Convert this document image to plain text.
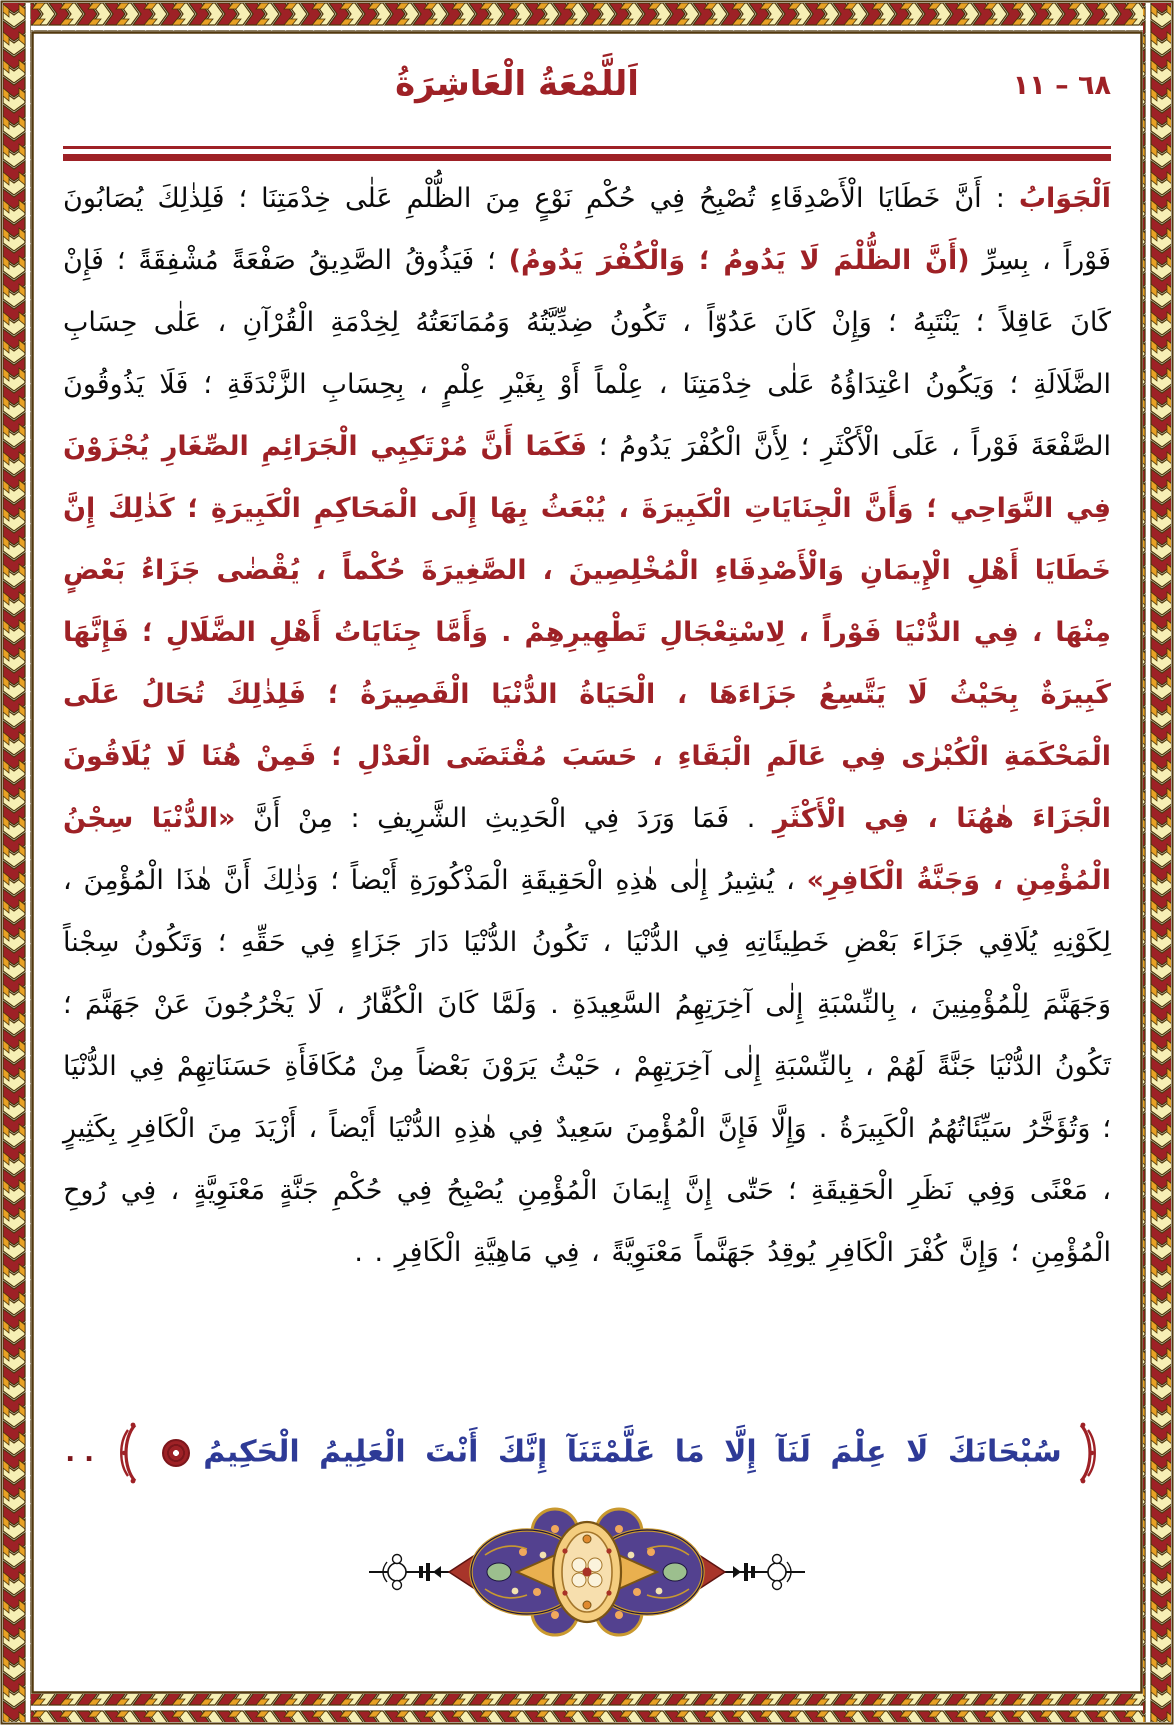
٦٨ – ١١
اَللَّمْعَةُ الْعَاشِرَةُ
اَلْجَوَابُ : أَنَّ خَطَايَا الْأَصْدِقَاءِ تُصْبِحُ فِي حُكْمِ نَوْعٍ مِنَ الظُّلْمِ عَلٰى خِدْمَتِنَا ؛ فَلِذٰلِكَ يُصَابُونَ فَوْراً ، بِسِرِّ (أَنَّ الظُّلْمَ لَا يَدُومُ ؛ وَالْكُفْرَ يَدُومُ) ؛ فَيَذُوقُ الصَّدِيقُ صَفْعَةً مُشْفِقَةً ؛ فَإِنْ كَانَ عَاقِلاً ؛ يَنْتَبِهُ ؛ وَإِنْ كَانَ عَدُوّاً ، تَكُونُ ضِدِّيَّتُهُ وَمُمَانَعَتُهُ لِخِدْمَةِ الْقُرْآنِ ، عَلٰى حِسَابِ الضَّلَالَةِ ؛ وَيَكُونُ اعْتِدَاؤُهُ عَلٰى خِدْمَتِنَا ، عِلْماً أَوْ بِغَيْرِ عِلْمٍ ، بِحِسَابِ الزَّنْدَقَةِ ؛ فَلَا يَذُوقُونَ الصَّفْعَةَ فَوْراً ، عَلَى الْأَكْثَرِ ؛ لِأَنَّ الْكُفْرَ يَدُومُ ؛ فَكَمَا أَنَّ مُرْتَكِبِي الْجَرَائِمِ الصِّغَارِ يُجْزَوْنَ فِي النَّوَاحِي ؛ وَأَنَّ الْجِنَايَاتِ الْكَبِيرَةَ ، يُبْعَثُ بِهَا إِلَى الْمَحَاكِمِ الْكَبِيرَةِ ؛ كَذٰلِكَ إِنَّ خَطَايَا أَهْلِ الْإِيمَانِ وَالْأَصْدِقَاءِ الْمُخْلِصِينَ ، الصَّغِيرَةَ حُكْماً ، يُقْضٰى جَزَاءُ بَعْضٍ مِنْهَا ، فِي الدُّنْيَا فَوْراً ، لِاسْتِعْجَالِ تَطْهِيرِهِمْ . وَأَمَّا جِنَايَاتُ أَهْلِ الضَّلَالِ ؛ فَإِنَّهَا كَبِيرَةٌ بِحَيْثُ لَا يَتَّسِعُ جَزَاءَهَا ، الْحَيَاةُ الدُّنْيَا الْقَصِيرَةُ ؛ فَلِذٰلِكَ تُحَالُ عَلَى الْمَحْكَمَةِ الْكُبْرٰى فِي عَالَمِ الْبَقَاءِ ، حَسَبَ مُقْتَضَى الْعَدْلِ ؛ فَمِنْ هُنَا لَا يُلَاقُونَ الْجَزَاءَ هٰهُنَا ، فِي الْأَكْثَرِ . فَمَا وَرَدَ فِي الْحَدِيثِ الشَّرِيفِ : مِنْ أَنَّ «الدُّنْيَا سِجْنُ الْمُؤْمِنِ ، وَجَنَّةُ الْكَافِرِ» ، يُشِيرُ إِلٰى هٰذِهِ الْحَقِيقَةِ الْمَذْكُورَةِ أَيْضاً ؛ وَذٰلِكَ أَنَّ هٰذَا الْمُؤْمِنَ ، لِكَوْنِهِ يُلَاقِي جَزَاءَ بَعْضِ خَطِيئَاتِهِ فِي الدُّنْيَا ، تَكُونُ الدُّنْيَا دَارَ جَزَاءٍ فِي حَقِّهِ ؛ وَتَكُونُ سِجْناً وَجَهَنَّمَ لِلْمُؤْمِنِينَ ، بِالنِّسْبَةِ إِلٰى آخِرَتِهِمُ السَّعِيدَةِ . وَلَمَّا كَانَ الْكُفَّارُ ، لَا يَخْرُجُونَ عَنْ جَهَنَّمَ ؛ تَكُونُ الدُّنْيَا جَنَّةً لَهُمْ ، بِالنِّسْبَةِ إِلٰى آخِرَتِهِمْ ، حَيْثُ يَرَوْنَ بَعْضاً مِنْ مُكَافَأَةِ حَسَنَاتِهِمْ فِي الدُّنْيَا ؛ وَتُؤَخَّرُ سَيِّئَاتُهُمُ الْكَبِيرَةُ . وَإِلَّا فَإِنَّ الْمُؤْمِنَ سَعِيدٌ فِي هٰذِهِ الدُّنْيَا أَيْضاً ، أَزْيَدَ مِنَ الْكَافِرِ بِكَثِيرٍ ، مَعْنًى وَفِي نَظَرِ الْحَقِيقَةِ ؛ حَتّٰى إِنَّ إِيمَانَ الْمُؤْمِنِ يُصْبِحُ فِي حُكْمِ جَنَّةٍ مَعْنَوِيَّةٍ ، فِي رُوحِ الْمُؤْمِنِ ؛ وَإِنَّ كُفْرَ الْكَافِرِ يُوقِدُ جَهَنَّماً مَعْنَوِيَّةً ، فِي مَاهِيَّةِ الْكَافِرِ . .
سُبْحَانَكَ لَا عِلْمَ لَنَآ إِلَّا مَا عَلَّمْتَنَآ إِنَّكَ أَنْتَ الْعَلِيمُ الْحَكِيمُ   . .
